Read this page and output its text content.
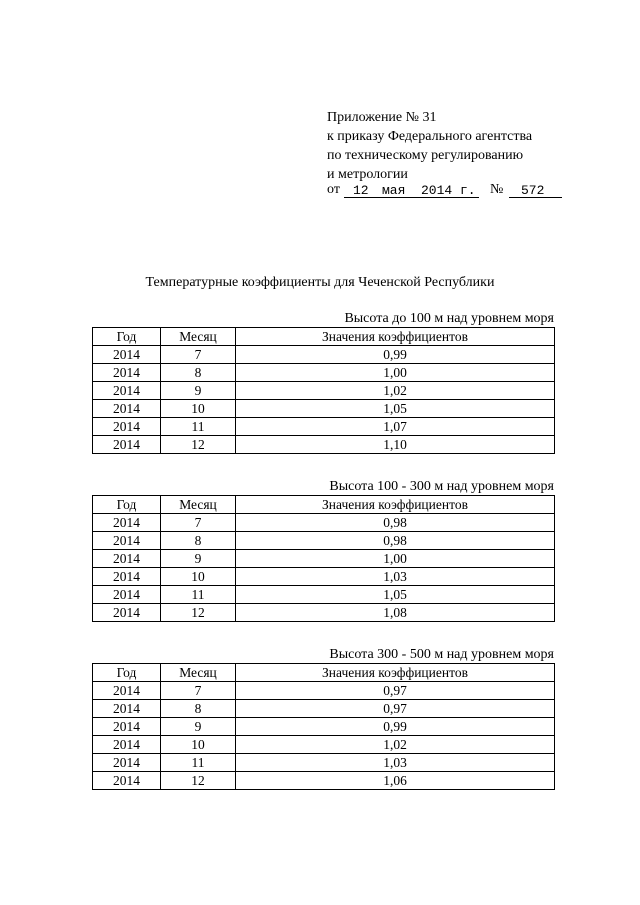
Приложение № 31
к приказу Федерального агентства
по техническому регулированию
и метрологии
от 12 мая 2014 г. № 572
Температурные коэффициенты для Чеченской Республики
Высота до 100 м над уровнем моря
Год	Месяц	Значения коэффициентов
2014	7	0,99
2014	8	1,00
2014	9	1,02
2014	10	1,05
2014	11	1,07
2014	12	1,10
Высота 100 - 300 м над уровнем моря
Год	Месяц	Значения коэффициентов
2014	7	0,98
2014	8	0,98
2014	9	1,00
2014	10	1,03
2014	11	1,05
2014	12	1,08
Высота 300 - 500 м над уровнем моря
Год	Месяц	Значения коэффициентов
2014	7	0,97
2014	8	0,97
2014	9	0,99
2014	10	1,02
2014	11	1,03
2014	12	1,06
